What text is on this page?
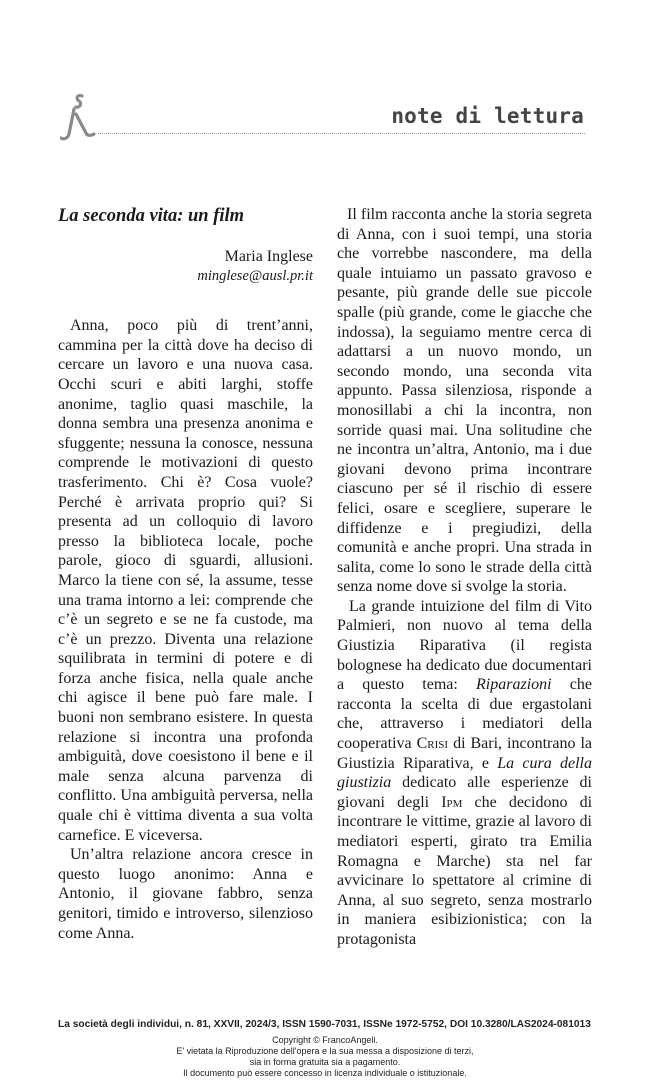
note di lettura
La seconda vita: un film

Maria Inglese

minglese@ausl.pr.it

Anna, poco più di trent’anni, cammina per la città dove ha deciso di cercare un lavoro e una nuova casa. Occhi scuri e abiti larghi, stoffe anonime, taglio quasi maschile, la donna sembra una presenza anonima e sfuggente; nessuna la conosce, nessuna comprende le motivazioni di questo trasferimento. Chi è? Cosa vuole? Perché è arrivata proprio qui? Si presenta ad un colloquio di lavoro presso la biblioteca locale, poche parole, gioco di sguardi, allusioni. Marco la tiene con sé, la assume, tesse una trama intorno a lei: comprende che c’è un segreto e se ne fa custode, ma c’è un prezzo. Diventa una relazione squilibrata in termini di potere e di forza anche fisica, nella quale anche chi agisce il bene può fare male. I buoni non sembrano esistere. In questa relazione si incontra una profonda ambiguità, dove coesistono il bene e il male senza alcuna parvenza di conflitto. Una ambiguità perversa, nella quale chi è vittima diventa a sua volta carnefice. E viceversa.

Un’altra relazione ancora cresce in questo luogo anonimo: Anna e Antonio, il giovane fabbro, senza genitori, timido e introverso, silenzioso come Anna.

Il film racconta anche la storia segreta di Anna, con i suoi tempi, una storia che vorrebbe nascondere, ma della quale intuiamo un passato gravoso e pesante, più grande delle sue piccole spalle (più grande, come le giacche che indossa), la seguiamo mentre cerca di adattarsi a un nuovo mondo, un secondo mondo, una seconda vita appunto. Passa silenziosa, risponde a monosillabi a chi la incontra, non sorride quasi mai. Una solitudine che ne incontra un’altra, Antonio, ma i due giovani devono prima incontrare ciascuno per sé il rischio di essere felici, osare e scegliere, superare le diffidenze e i pregiudizi, della comunità e anche propri. Una strada in salita, come lo sono le strade della città senza nome dove si svolge la storia.

La grande intuizione del film di Vito Palmieri, non nuovo al tema della Giustizia Riparativa (il regista bolognese ha dedicato due documentari a questo tema: Riparazioni che racconta la scelta di due ergastolani che, attraverso i mediatori della cooperativa Crisi di Bari, incontrano la Giustizia Riparativa, e La cura della giustizia dedicato alle esperienze di giovani degli Ipm che decidono di incontrare le vittime, grazie al lavoro di mediatori esperti, girato tra Emilia Romagna e Marche) sta nel far avvicinare lo spettatore al crimine di Anna, al suo segreto, senza mostrarlo in maniera esibizionistica; con la protagonista

La società degli individui, n. 81, XXVII, 2024/3, ISSN 1590-7031, ISSNe 1972-5752, DOI 10.3280/LAS2024-081013
Copyright © FrancoAngeli.
E' vietata la Riproduzione dell'opera e la sua messa a disposizione di terzi,
sia in forma gratuita sia a pagamento.
Il documento può essere concesso in licenza individuale o istituzionale.
